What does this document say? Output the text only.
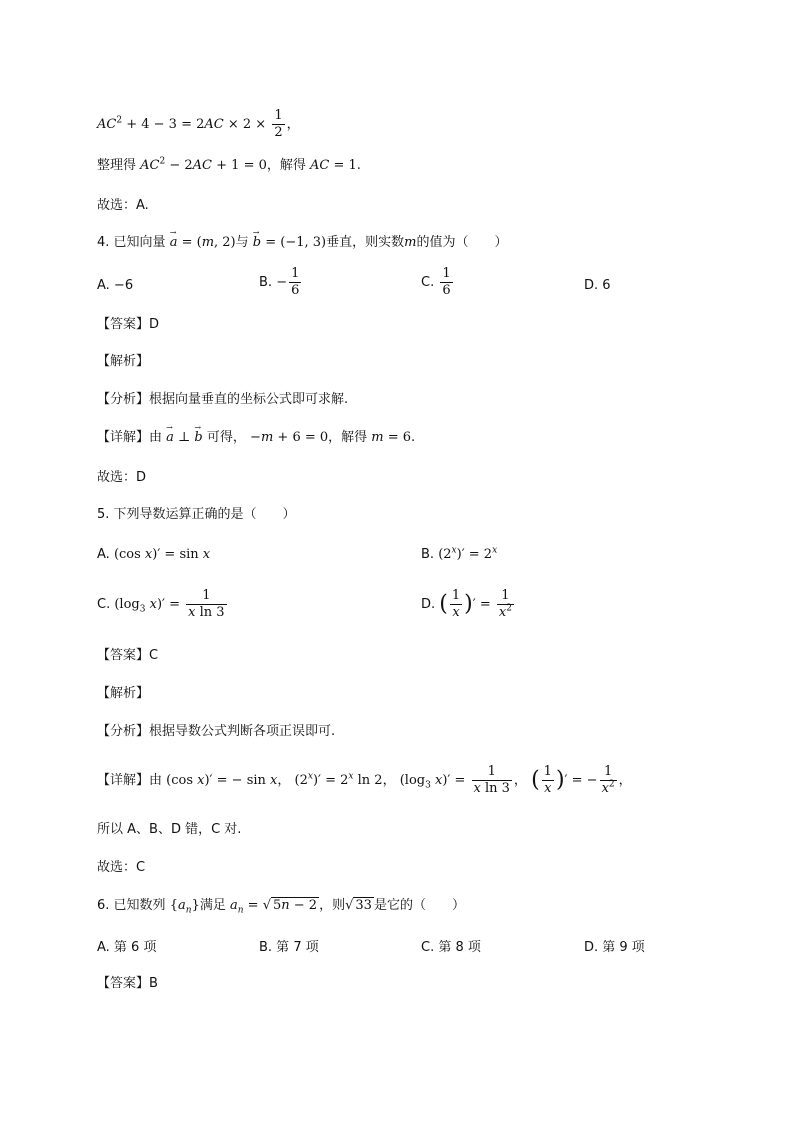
$AC^2 + 4 - 3 = 2AC \times 2 \times \frac{1}{2}$ ，
整理得 $AC^2 - 2AC + 1 = 0$，解得 AC = 1.
故选：A.
4. 已知向量 → a = (m, 2)与 → b = (−1, 3)垂直，则实数m的值为（　　）
A. −6	B. − $\frac{1}{6}$	C. $\frac{1}{6}$	D. 6
【答案】D
【解析】
【分析】根据向量垂直的坐标公式即可求解.
【详解】由 → a ⊥ → b 可得， −m + 6 = 0，解得 m = 6.
故选：D
5. 下列导数运算正确的是（　　）
A. (cos x)′ = sin x	B. $(2^x)' = 2^x$
C. ($\log_3$ $x)' = \frac{1}{\text{x ln 3}}$	D. ( $\frac{1}{x}$ )′ = $\frac{1}{x^2}$
【答案】C
【解析】
【分析】根据导数公式判断各项正误即可.
【详解】由 (cos x)′ = − sin x， $(2^x)' = 2^x$ ln 2， ($\log_3$ $x)' = \frac{1}{\text{x ln 3}}$ ， ( $\frac{1}{x}$ )′ = − $\frac{1}{x^2}$ ，
所以 A、B、D 错，C 对.
故选：C
6. 已知数列 $\{a_n\}$满足 $a_n$ = √ 5n − 2 ，则√ 33 是它的（　　）
A. 第 6 项	B. 第 7 项	C. 第 8 项	D. 第 9 项
【答案】B
